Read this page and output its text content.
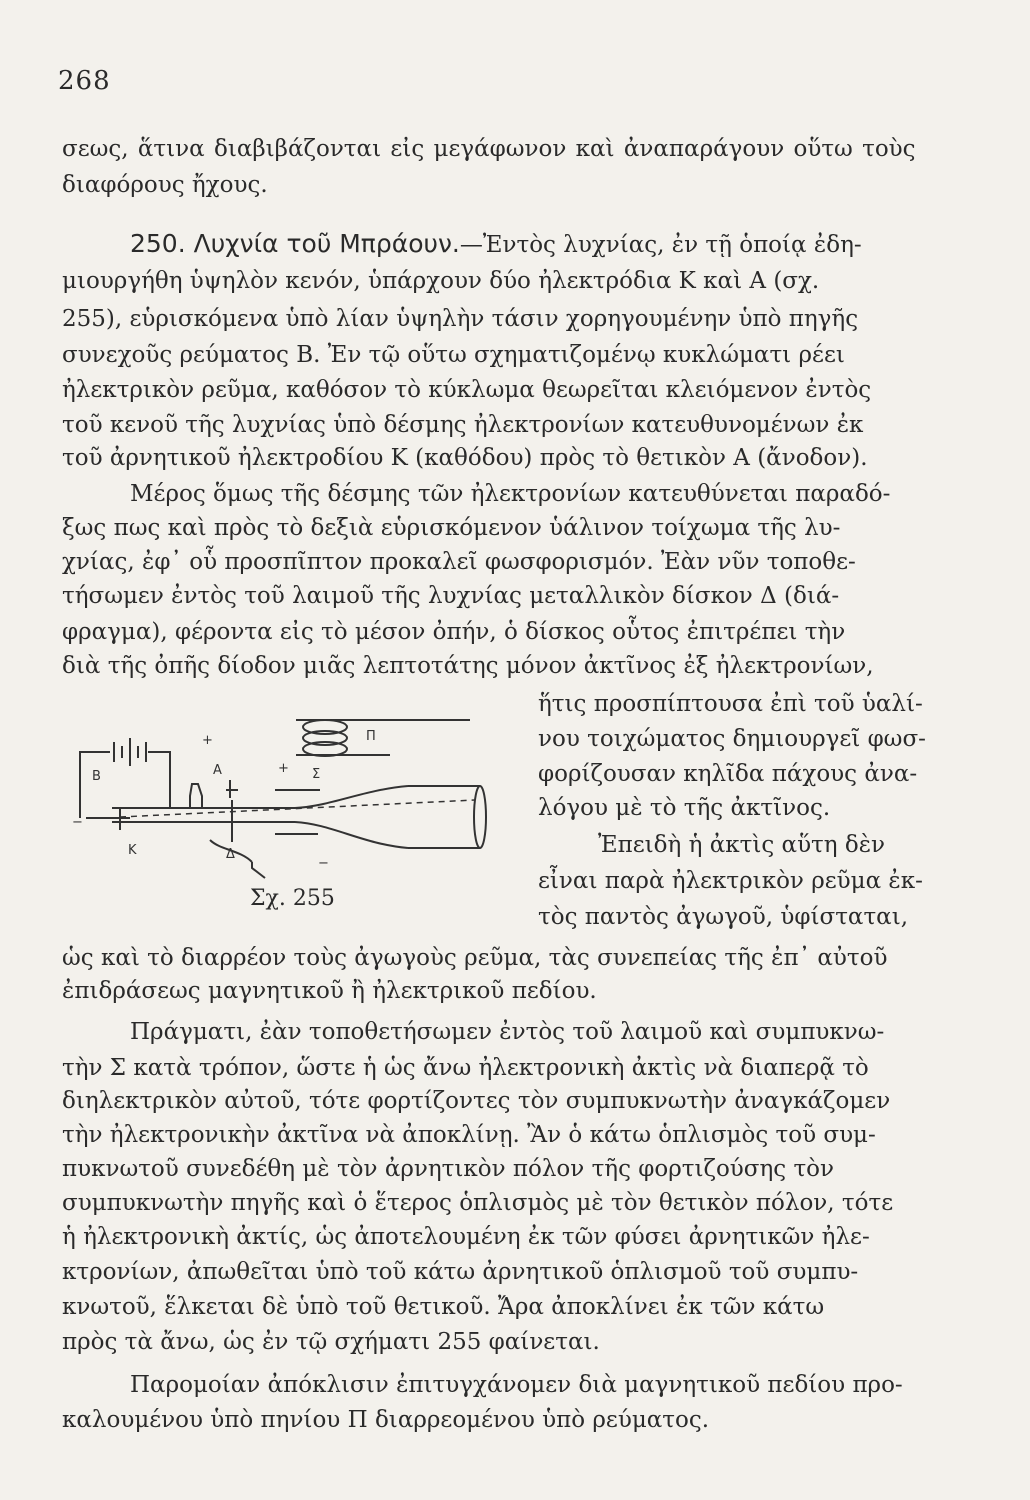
268
σεως, ἅτινα διαβιβάζονται εἰς μεγάφωνον καὶ ἀναπαράγουν οὕτω τοὺς
διαφόρους ἤχους.
250. Λυχνία τοῦ Μπράουν.—Ἐντὸς λυχνίας, ἐν τῇ ὁποίᾳ ἐδη-
μιουργήθη ὑψηλὸν κενόν, ὑπάρχουν δύο ἠλεκτρόδια Κ καὶ Α (σχ.
255), εὑρισκόμενα ὑπὸ λίαν ὑψηλὴν τάσιν χορηγουμένην ὑπὸ πηγῆς
συνεχοῦς ρεύματος Β. Ἐν τῷ οὕτω σχηματιζομένῳ κυκλώματι ρέει
ἠλεκτρικὸν ρεῦμα, καθόσον τὸ κύκλωμα θεωρεῖται κλειόμενον ἐντὸς
τοῦ κενοῦ τῆς λυχνίας ὑπὸ δέσμης ἠλεκτρονίων κατευθυνομένων ἐκ
τοῦ ἀρνητικοῦ ἠλεκτροδίου Κ (καθόδου) πρὸς τὸ θετικὸν Α (ἄνοδον).
Μέρος ὅμως τῆς δέσμης τῶν ἠλεκτρονίων κατευθύνεται παραδό-
ξως πως καὶ πρὸς τὸ δεξιὰ εὑρισκόμενον ὑάλινον τοίχωμα τῆς λυ-
χνίας, ἐφ᾽ οὗ προσπῖπτον προκαλεῖ φωσφορισμόν. Ἐὰν νῦν τοποθε-
τήσωμεν ἐντὸς τοῦ λαιμοῦ τῆς λυχνίας μεταλλικὸν δίσκον Δ (διά-
φραγμα), φέροντα εἰς τὸ μέσον ὀπήν, ὁ δίσκος οὗτος ἐπιτρέπει τὴν
διὰ τῆς ὀπῆς δίοδον μιᾶς λεπτοτάτης μόνον ἀκτῖνος ἐξ ἠλεκτρονίων,
ἥτις προσπίπτουσα ἐπὶ τοῦ ὑαλί-
νου τοιχώματος δημιουργεῖ φωσ-
φορίζουσαν κηλῖδα πάχους ἀνα-
λόγου μὲ τὸ τῆς ἀκτῖνος.
Ἐπειδὴ ἡ ἀκτὶς αὕτη δὲν
εἶναι παρὰ ἠλεκτρικὸν ρεῦμα ἐκ-
τὸς παντὸς ἀγωγοῦ, ὑφίσταται,
Β	Α
Κ	Δ
Σ
Π
+
+
−
−
Σχ. 255
ὡς καὶ τὸ διαρρέον τοὺς ἀγωγοὺς ρεῦμα, τὰς συνεπείας τῆς ἐπ᾽ αὐτοῦ
ἐπιδράσεως μαγνητικοῦ ἢ ἠλεκτρικοῦ πεδίου.
Πράγματι, ἐὰν τοποθετήσωμεν ἐντὸς τοῦ λαιμοῦ καὶ συμπυκνω-
τὴν Σ κατὰ τρόπον, ὥστε ἡ ὡς ἄνω ἠλεκτρονικὴ ἀκτὶς νὰ διαπερᾷ τὸ
διηλεκτρικὸν αὐτοῦ, τότε φορτίζοντες τὸν συμπυκνωτὴν ἀναγκάζομεν
τὴν ἠλεκτρονικὴν ἀκτῖνα νὰ ἀποκλίνῃ. Ἂν ὁ κάτω ὁπλισμὸς τοῦ συμ-
πυκνωτοῦ συνεδέθη μὲ τὸν ἀρνητικὸν πόλον τῆς φορτιζούσης τὸν
συμπυκνωτὴν πηγῆς καὶ ὁ ἕτερος ὁπλισμὸς μὲ τὸν θετικὸν πόλον, τότε
ἡ ἠλεκτρονικὴ ἀκτίς, ὡς ἀποτελουμένη ἐκ τῶν φύσει ἀρνητικῶν ἠλε-
κτρονίων, ἀπωθεῖται ὑπὸ τοῦ κάτω ἀρνητικοῦ ὁπλισμοῦ τοῦ συμπυ-
κνωτοῦ, ἕλκεται δὲ ὑπὸ τοῦ θετικοῦ. Ἄρα ἀποκλίνει ἐκ τῶν κάτω
πρὸς τὰ ἄνω, ὡς ἐν τῷ σχήματι 255 φαίνεται.
Παρομοίαν ἀπόκλισιν ἐπιτυγχάνομεν διὰ μαγνητικοῦ πεδίου προ-
καλουμένου ὑπὸ πηνίου Π διαρρεομένου ὑπὸ ρεύματος.
